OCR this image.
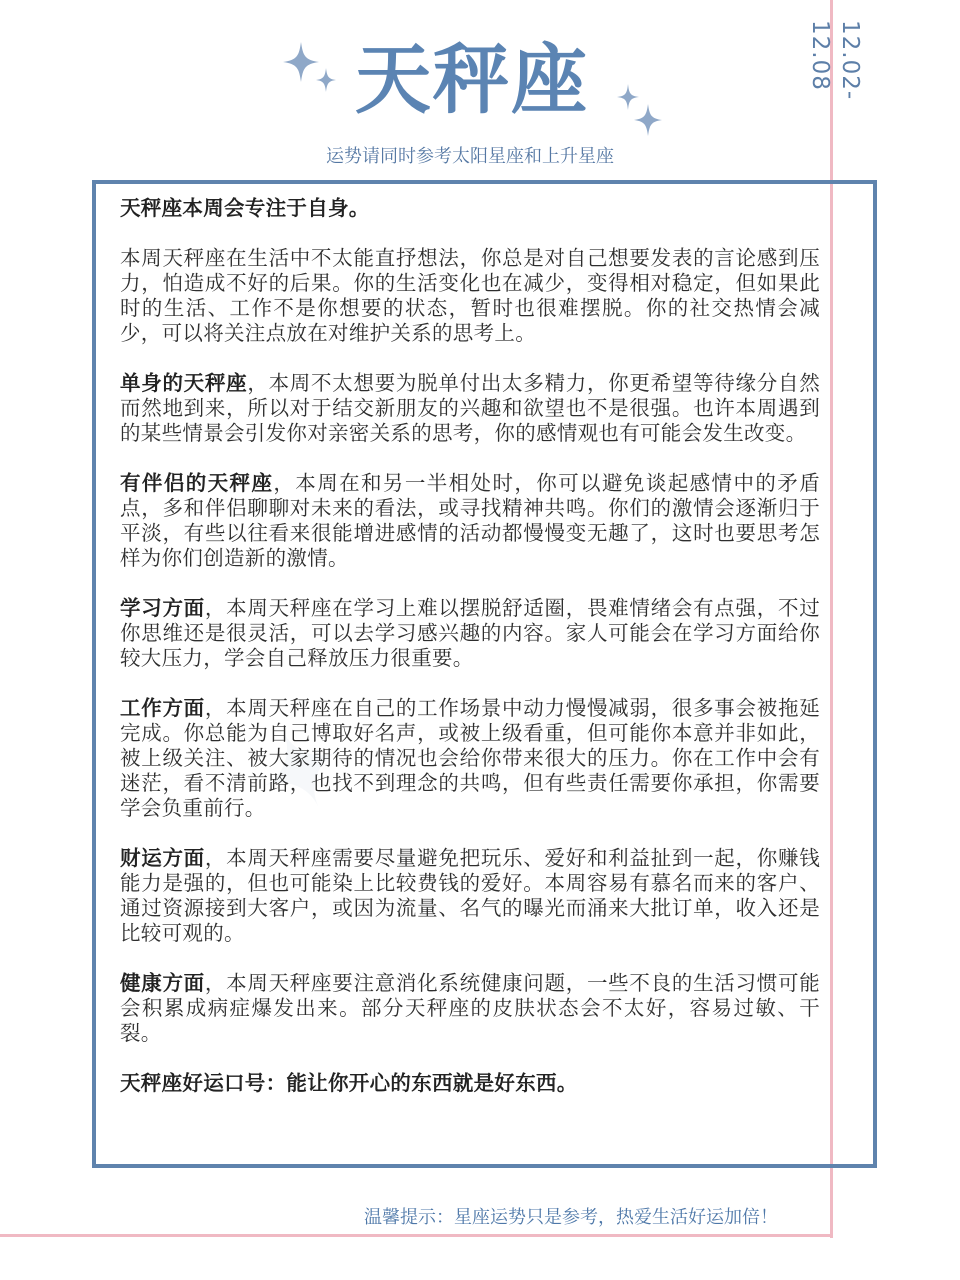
天秤座
运势请同时参考太阳星座和上升星座
12.02-12.08
✦

天秤座本周会专注于自身。

本周天秤座在生活中不太能直抒想法，你总是对自己想要发表的言论感到压力，怕造成不好的后果。你的生活变化也在减少，变得相对稳定，但如果此时的生活、工作不是你想要的状态，暂时也很难摆脱。你的社交热情会减少，可以将关注点放在对维护关系的思考上。

单身的天秤座，本周不太想要为脱单付出太多精力，你更希望等待缘分自然而然地到来，所以对于结交新朋友的兴趣和欲望也不是很强。也许本周遇到的某些情景会引发你对亲密关系的思考，你的感情观也有可能会发生改变。

有伴侣的天秤座，本周在和另一半相处时，你可以避免谈起感情中的矛盾点，多和伴侣聊聊对未来的看法，或寻找精神共鸣。你们的激情会逐渐归于平淡，有些以往看来很能增进感情的活动都慢慢变无趣了，这时也要思考怎样为你们创造新的激情。

学习方面，本周天秤座在学习上难以摆脱舒适圈，畏难情绪会有点强，不过你思维还是很灵活，可以去学习感兴趣的内容。家人可能会在学习方面给你较大压力，学会自己释放压力很重要。

工作方面，本周天秤座在自己的工作场景中动力慢慢减弱，很多事会被拖延完成。你总能为自己博取好名声，或被上级看重，但可能你本意并非如此，被上级关注、被大家期待的情况也会给你带来很大的压力。你在工作中会有迷茫，看不清前路，也找不到理念的共鸣，但有些责任需要你承担，你需要学会负重前行。

财运方面，本周天秤座需要尽量避免把玩乐、爱好和利益扯到一起，你赚钱能力是强的，但也可能染上比较费钱的爱好。本周容易有慕名而来的客户、通过资源接到大客户，或因为流量、名气的曝光而涌来大批订单，收入还是比较可观的。

健康方面，本周天秤座要注意消化系统健康问题，一些不良的生活习惯可能会积累成病症爆发出来。部分天秤座的皮肤状态会不太好，容易过敏、干裂。

天秤座好运口号：能让你开心的东西就是好东西。

温馨提示：星座运势只是参考，热爱生活好运加倍！
